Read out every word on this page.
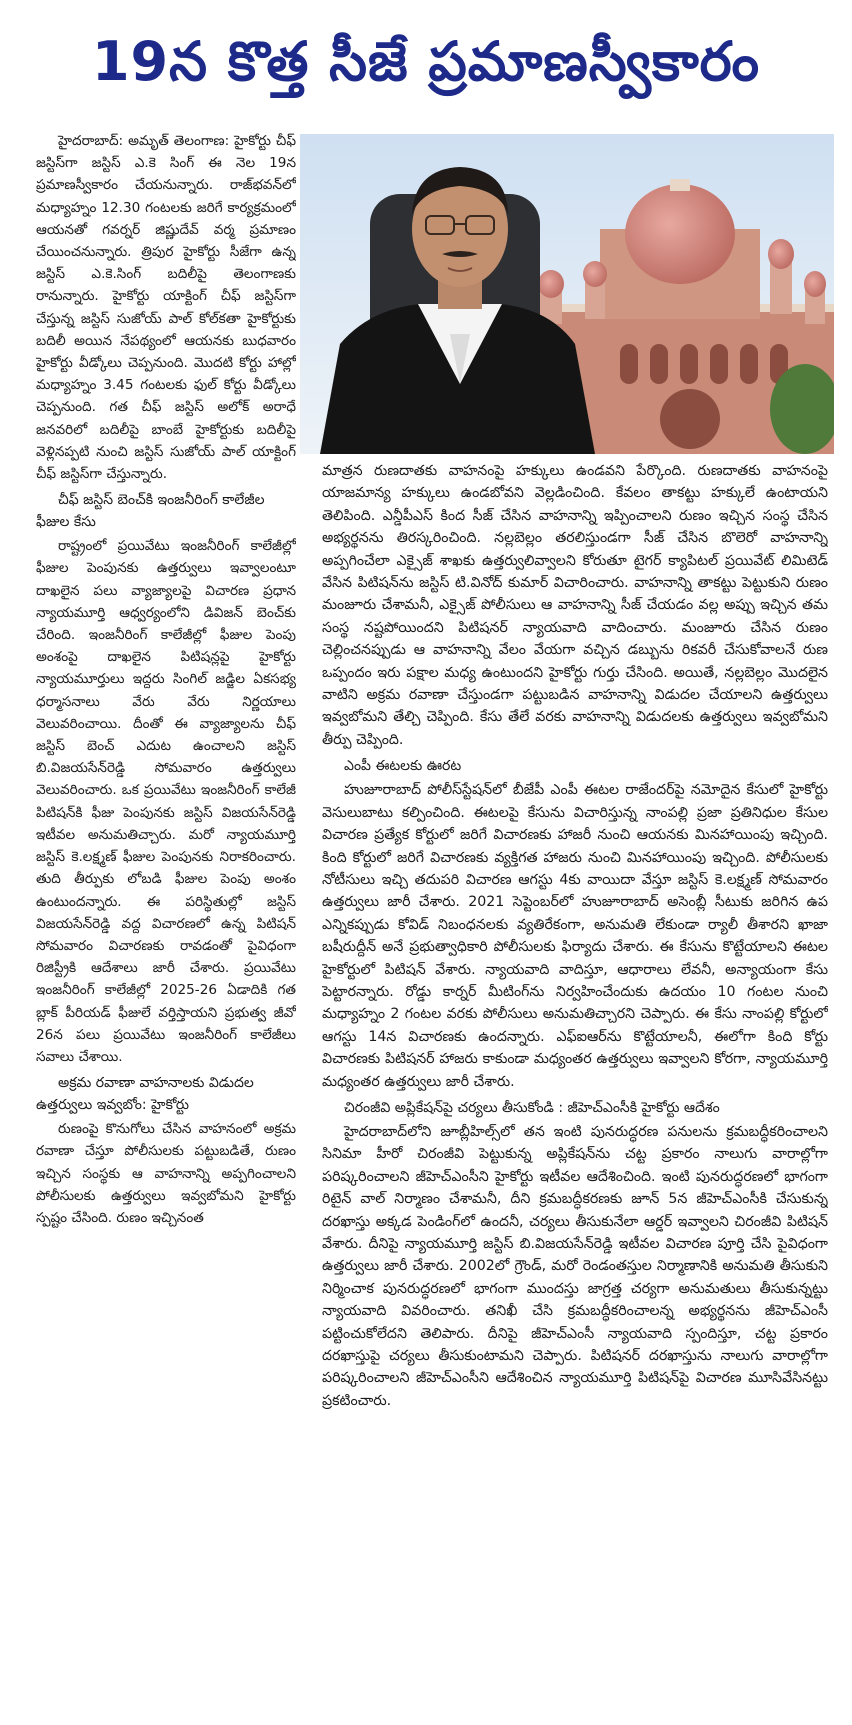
19న కొత్త సీజే ప్రమాణస్వీకారం

హైదరాబాద్: అమృత్ తెలంగాణ: హైకోర్టు చీఫ్ జస్టిస్‌గా జస్టిస్ ఎ.కె సింగ్ ఈ నెల 19న ప్రమాణస్వీకారం చేయనున్నారు. రాజ్‌భవన్‌లో మధ్యాహ్నం 12.30 గంటలకు జరిగే కార్యక్రమంలో ఆయనతో గవర్నర్ జిష్ణుదేవ్ వర్మ ప్రమాణం చేయించనున్నారు. త్రిపుర హైకోర్టు సీజేగా ఉన్న జస్టిస్ ఎ.కె.సింగ్ బదిలీపై తెలంగాణకు రానున్నారు. హైకోర్టు యాక్టింగ్ చీఫ్ జస్టిస్‌గా చేస్తున్న జస్టిస్ సుజోయ్ పాల్ కోల్‌కతా హైకోర్టుకు బదిలీ అయిన నేపథ్యంలో ఆయనకు బుధవారం హైకోర్టు వీడ్కోలు చెప్పనుంది. మొదటి కోర్టు హాల్లో మధ్యాహ్నం 3.45 గంటలకు ఫుల్ కోర్టు వీడ్కోలు చెప్పనుంది. గత చీఫ్ జస్టిస్ అలోక్ అరాధే జనవరిలో బదిలీపై బాంబే హైకోర్టుకు బదిలీపై వెళ్లినప్పటి నుంచి జస్టిస్ సుజోయ్ పాల్ యాక్టింగ్ చీఫ్ జస్టిస్‌గా చేస్తున్నారు.

చీఫ్ జస్టిస్ బెంచ్‌కి ఇంజనీరింగ్ కాలేజీల ఫీజుల కేసు

రాష్ట్రంలో ప్రయివేటు ఇంజనీరింగ్ కాలేజీల్లో ఫీజుల పెంపునకు ఉత్తర్వులు ఇవ్వాలంటూ దాఖలైన పలు వ్యాజ్యాలపై విచారణ ప్రధాన న్యాయమూర్తి ఆధ్వర్యంలోని డివిజన్ బెంచ్‌కు చేరింది. ఇంజనీరింగ్ కాలేజీల్లో ఫీజుల పెంపు అంశంపై దాఖలైన పిటిషన్లపై హైకోర్టు న్యాయమూర్తులు ఇద్దరు సింగిల్ జడ్జిల ఏకసభ్య ధర్మాసనాలు వేరు వేరు నిర్ణయాలు వెలువరించాయి. దీంతో ఈ వ్యాజ్యాలను చీఫ్ జస్టిస్ బెంచ్ ఎదుట ఉంచాలని జస్టిస్ బి.విజయసేన్‌రెడ్డి సోమవారం ఉత్తర్వులు వెలువరించారు. ఒక ప్రయివేటు ఇంజనీరింగ్ కాలేజీ పిటిషన్‌కి ఫీజు పెంపునకు జస్టిస్ విజయసేన్‌రెడ్డి ఇటీవల అనుమతిచ్చారు. మరో న్యాయమూర్తి జస్టిస్ కె.లక్ష్మణ్ ఫీజుల పెంపునకు నిరాకరించారు. తుది తీర్పుకు లోబడి ఫీజుల పెంపు అంశం ఉంటుందన్నారు. ఈ పరిస్థితుల్లో జస్టిస్ విజయసేన్‌రెడ్డి వద్ద విచారణలో ఉన్న పిటిషన్ సోమవారం విచారణకు రావడంతో పైవిధంగా రిజిస్ట్రీకి ఆదేశాలు జారీ చేశారు. ప్రయివేటు ఇంజనీరింగ్ కాలేజీల్లో 2025-26 ఏడాదికి గత బ్లాక్ పీరియడ్ ఫీజులే వర్తిస్తాయని ప్రభుత్వ జీవో 26న పలు ప్రయివేటు ఇంజనీరింగ్ కాలేజీలు సవాలు చేశాయి.

అక్రమ రవాణా వాహనాలకు విడుదల ఉత్తర్వులు ఇవ్వబోం: హైకోర్టు

రుణంపై కొనుగోలు చేసిన వాహనంలో అక్రమ రవాణా చేస్తూ పోలీసులకు పట్టుబడితే, రుణం ఇచ్చిన సంస్థకు ఆ వాహనాన్ని అప్పగించాలని పోలీసులకు ఉత్తర్వులు ఇవ్వబోమని హైకోర్టు స్పష్టం చేసింది. రుణం ఇచ్చినంత

మాత్రన రుణదాతకు వాహనంపై హక్కులు ఉండవని పేర్కొంది. రుణదాతకు వాహనంపై యాజమాన్య హక్కులు ఉండబోవని వెల్లడించింది. కేవలం తాకట్టు హక్కులే ఉంటాయని తెలిపింది. ఎన్డీపీఎస్ కింద సీజ్ చేసిన వాహనాన్ని ఇప్పించాలని రుణం ఇచ్చిన సంస్థ చేసిన అభ్యర్థనను తిరస్కరించింది. నల్లబెల్లం తరలిస్తుండగా సీజ్ చేసిన బొలెరో వాహనాన్ని అప్పగించేలా ఎక్సైజ్ శాఖకు ఉత్తర్వులివ్వాలని కోరుతూ టైగర్ క్యాపిటల్ ప్రయివేట్ లిమిటెడ్ వేసిన పిటిషన్‌ను జస్టిస్ టి.వినోద్ కుమార్ విచారించారు. వాహనాన్ని తాకట్టు పెట్టుకుని రుణం మంజూరు చేశామనీ, ఎక్సైజ్ పోలీసులు ఆ వాహనాన్ని సీజ్ చేయడం వల్ల అప్పు ఇచ్చిన తమ సంస్థ నష్టపోయిందని పిటిషనర్ న్యాయవాది వాదించారు. మంజూరు చేసిన రుణం చెల్లించనప్పుడు ఆ వాహనాన్ని వేలం వేయగా వచ్చిన డబ్బును రికవరీ చేసుకోవాలనే రుణ ఒప్పందం ఇరు పక్షాల మధ్య ఉంటుందని హైకోర్టు గుర్తు చేసింది. అయితే, నల్లబెల్లం మొదలైన వాటిని అక్రమ రవాణా చేస్తుండగా పట్టుబడిన వాహనాన్ని విడుదల చేయాలని ఉత్తర్వులు ఇవ్వబోమని తేల్చి చెప్పింది. కేసు తేలే వరకు వాహనాన్ని విడుదలకు ఉత్తర్వులు ఇవ్వబోమని తీర్పు చెప్పింది.

ఎంపీ ఈటలకు ఊరట

హుజూరాబాద్ పోలీస్‌స్టేషన్‌లో బీజేపీ ఎంపీ ఈటల రాజేందర్‌పై నమోదైన కేసులో హైకోర్టు వెసులుబాటు కల్పించింది. ఈటలపై కేసును విచారిస్తున్న నాంపల్లి ప్రజా ప్రతినిధుల కేసుల విచారణ ప్రత్యేక కోర్టులో జరిగే విచారణకు హాజరీ నుంచి ఆయనకు మినహాయింపు ఇచ్చింది. కింది కోర్టులో జరిగే విచారణకు వ్యక్తిగత హాజరు నుంచి మినహాయింపు ఇచ్చింది. పోలీసులకు నోటీసులు ఇచ్చి తదుపరి విచారణ ఆగస్టు 4కు వాయిదా వేస్తూ జస్టిస్ కె.లక్ష్మణ్ సోమవారం ఉత్తర్వులు జారీ చేశారు. 2021 సెప్టెంబర్‌లో హుజూరాబాద్ అసెంబ్లీ సీటుకు జరిగిన ఉప ఎన్నికప్పుడు కోవిడ్ నిబంధనలకు వ్యతిరేకంగా, అనుమతి లేకుండా ర్యాలీ తీశారని ఖాజా బషీరుద్దీన్ అనే ప్రభుత్వాధికారి పోలీసులకు ఫిర్యాదు చేశారు. ఈ కేసును కొట్టేయాలని ఈటల హైకోర్టులో పిటిషన్ వేశారు. న్యాయవాది వాదిస్తూ, ఆధారాలు లేవనీ, అన్యాయంగా కేసు పెట్టారన్నారు. రోడ్డు కార్నర్ మీటింగ్‌ను నిర్వహించేందుకు ఉదయం 10 గంటల నుంచి మధ్యాహ్నం 2 గంటల వరకు పోలీసులు అనుమతిచ్చారని చెప్పారు. ఈ కేసు నాంపల్లి కోర్టులో ఆగస్టు 14న విచారణకు ఉందన్నారు. ఎఫ్‌ఐఆర్‌ను కొట్టేయాలనీ, ఈలోగా కింది కోర్టు విచారణకు పిటిషనర్ హాజరు కాకుండా మధ్యంతర ఉత్తర్వులు ఇవ్వాలని కోరగా, న్యాయమూర్తి మధ్యంతర ఉత్తర్వులు జారీ చేశారు.

చిరంజీవి అప్లికేషన్‌పై చర్యలు తీసుకోండి : జీహెచ్‌ఎంసీకి హైకోర్టు ఆదేశం

హైదరాబాద్‌లోని జూబ్లీహిల్స్‌లో తన ఇంటి పునరుద్ధరణ పనులను క్రమబద్ధీకరించాలని సినిమా హీరో చిరంజీవి పెట్టుకున్న అప్లికేషన్‌ను చట్ట ప్రకారం నాలుగు వారాల్లోగా పరిష్కరించాలని జీహెచ్‌ఎంసీని హైకోర్టు ఇటీవల ఆదేశించింది. ఇంటి పునరుద్ధరణలో భాగంగా రిటైన్ వాల్ నిర్మాణం చేశామనీ, దీని క్రమబద్ధీకరణకు జూన్ 5న జీహెచ్‌ఎంసీకి చేసుకున్న దరఖాస్తు అక్కడ పెండింగ్‌లో ఉందనీ, చర్యలు తీసుకునేలా ఆర్డర్ ఇవ్వాలని చిరంజీవి పిటిషన్ వేశారు. దీనిపై న్యాయమూర్తి జస్టిస్ బి.విజయసేన్‌రెడ్డి ఇటీవల విచారణ పూర్తి చేసి పైవిధంగా ఉత్తర్వులు జారీ చేశారు. 2002లో గ్రౌండ్, మరో రెండంతస్తుల నిర్మాణానికి అనుమతి తీసుకుని నిర్మించాక పునరుద్ధరణలో భాగంగా ముందస్తు జాగ్రత్త చర్యగా అనుమతులు తీసుకున్నట్టు న్యాయవాది వివరించారు. తనిఖీ చేసి క్రమబద్ధీకరించాలన్న అభ్యర్థనను జీహెచ్‌ఎంసీ పట్టించుకోలేదని తెలిపారు. దీనిపై జీహెచ్‌ఎంసీ న్యాయవాది స్పందిస్తూ, చట్ట ప్రకారం దరఖాస్తుపై చర్యలు తీసుకుంటామని చెప్పారు. పిటిషనర్ దరఖాస్తును నాలుగు వారాల్లోగా పరిష్కరించాలని జీహెచ్‌ఎంసీని ఆదేశించిన న్యాయమూర్తి పిటిషన్‌పై విచారణ మూసివేసినట్టు ప్రకటించారు.
